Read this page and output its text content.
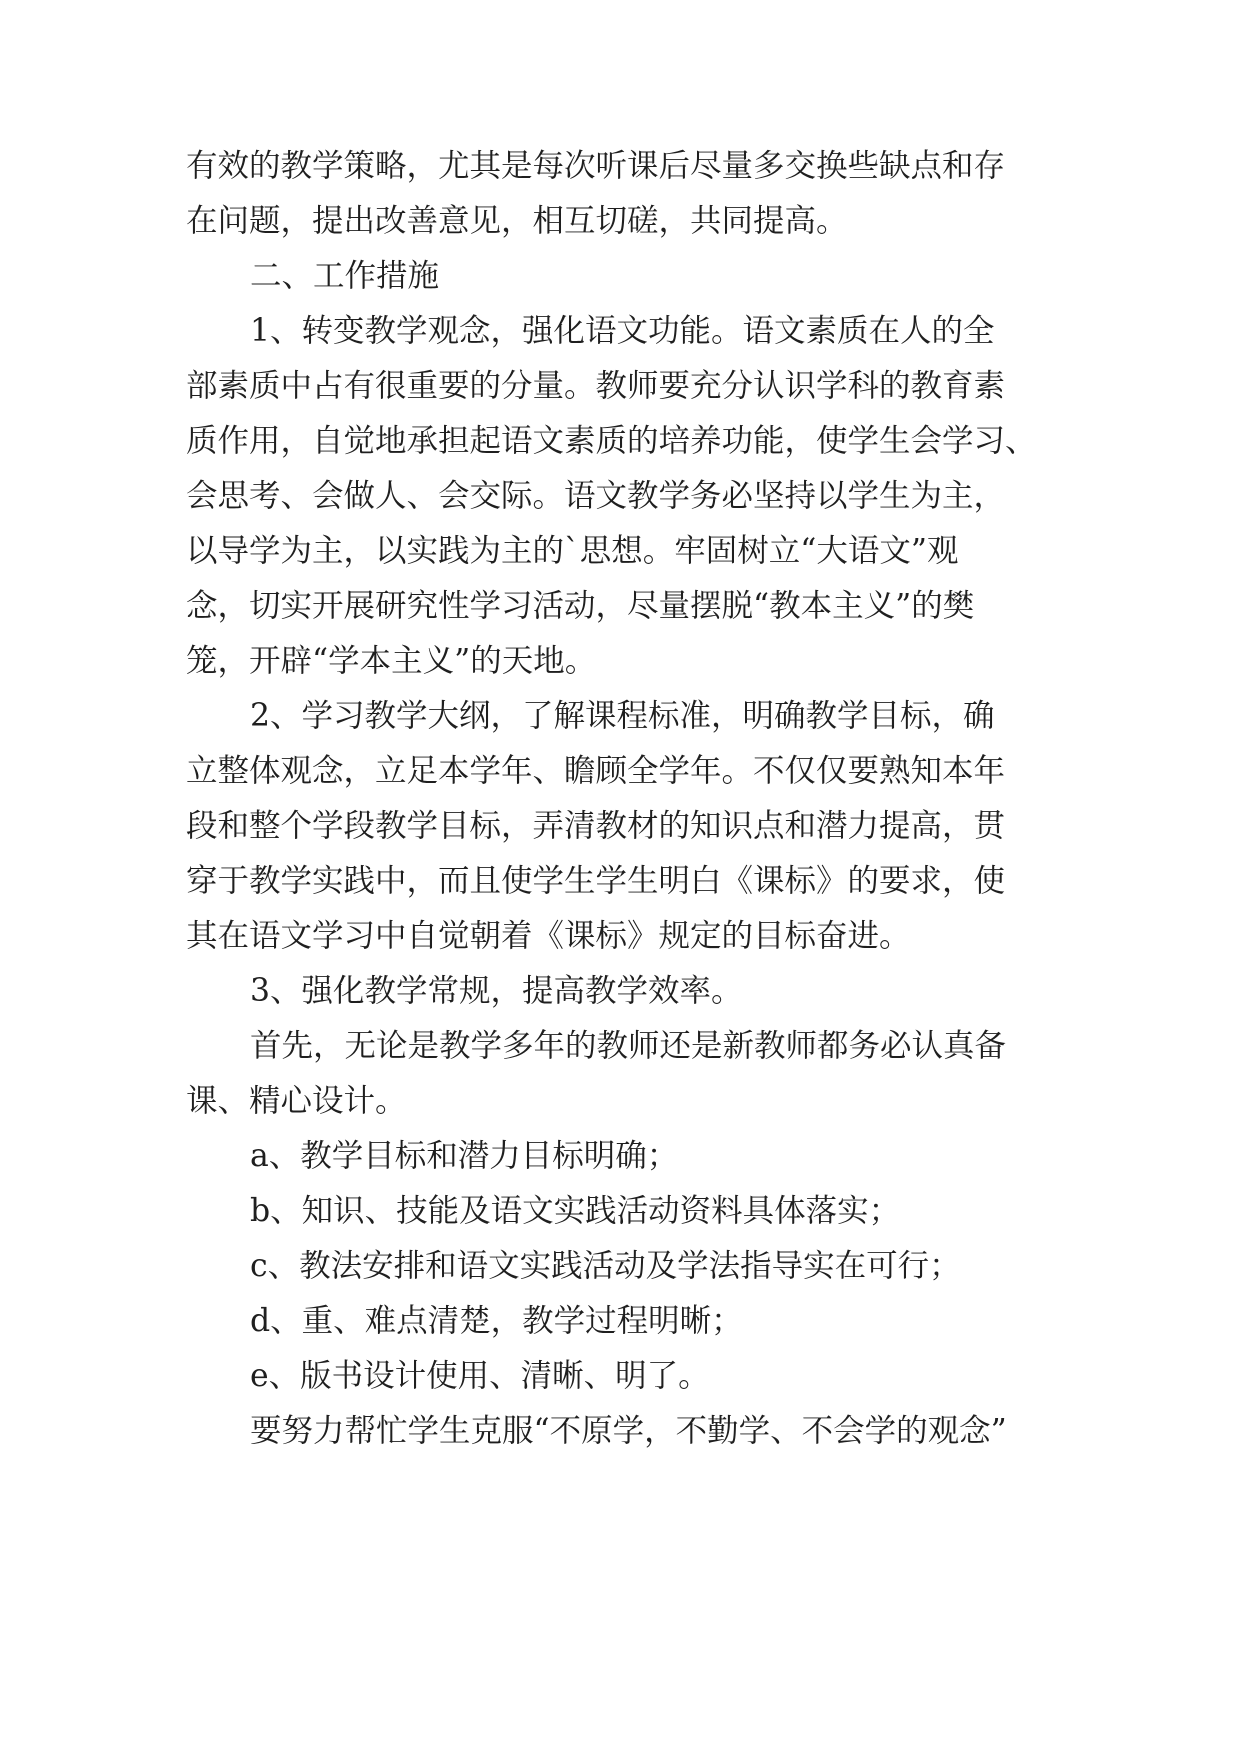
有效的教学策略，尤其是每次听课后尽量多交换些缺点和存
在问题，提出改善意见，相互切磋，共同提高。
二、工作措施
1、转变教学观念，强化语文功能。语文素质在人的全
部素质中占有很重要的分量。教师要充分认识学科的教育素
质作用，自觉地承担起语文素质的培养功能，使学生会学习、
会思考、会做人、会交际。语文教学务必坚持以学生为主，
以导学为主，以实践为主的`思想。牢固树立“大语文”观
念，切实开展研究性学习活动，尽量摆脱“教本主义”的樊
笼，开辟“学本主义”的天地。
2、学习教学大纲，了解课程标准，明确教学目标，确
立整体观念，立足本学年、瞻顾全学年。不仅仅要熟知本年
段和整个学段教学目标，弄清教材的知识点和潜力提高，贯
穿于教学实践中，而且使学生学生明白《课标》的要求，使
其在语文学习中自觉朝着《课标》规定的目标奋进。
3、强化教学常规，提高教学效率。
首先，无论是教学多年的教师还是新教师都务必认真备
课、精心设计。
a、教学目标和潜力目标明确；
b、知识、技能及语文实践活动资料具体落实；
c、教法安排和语文实践活动及学法指导实在可行；
d、重、难点清楚，教学过程明晰；
e、版书设计使用、清晰、明了。
要努力帮忙学生克服“不原学，不勤学、不会学的观念”
